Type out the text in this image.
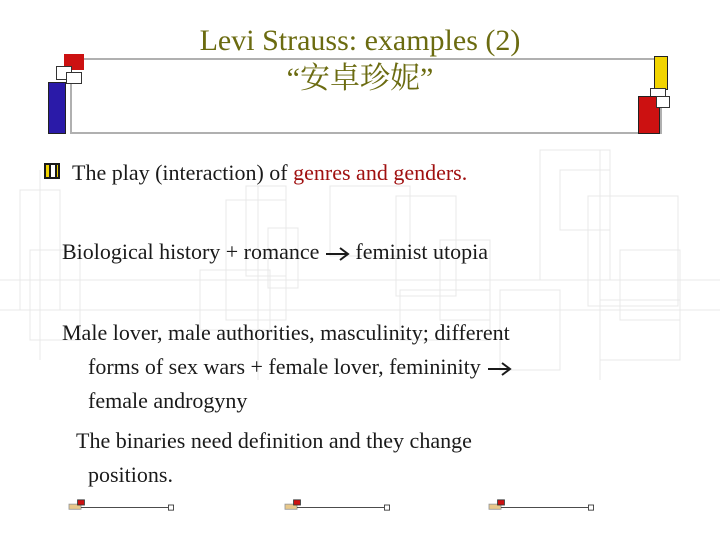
Levi Strauss: examples (2)
“安卓珍妮”
The play (interaction) of genres and genders.
Biological history + romance feminist utopia
Male lover, male authorities, masculinity; different
forms of sex wars + female lover, femininity
female androgyny
The binaries need definition and they change
positions.
